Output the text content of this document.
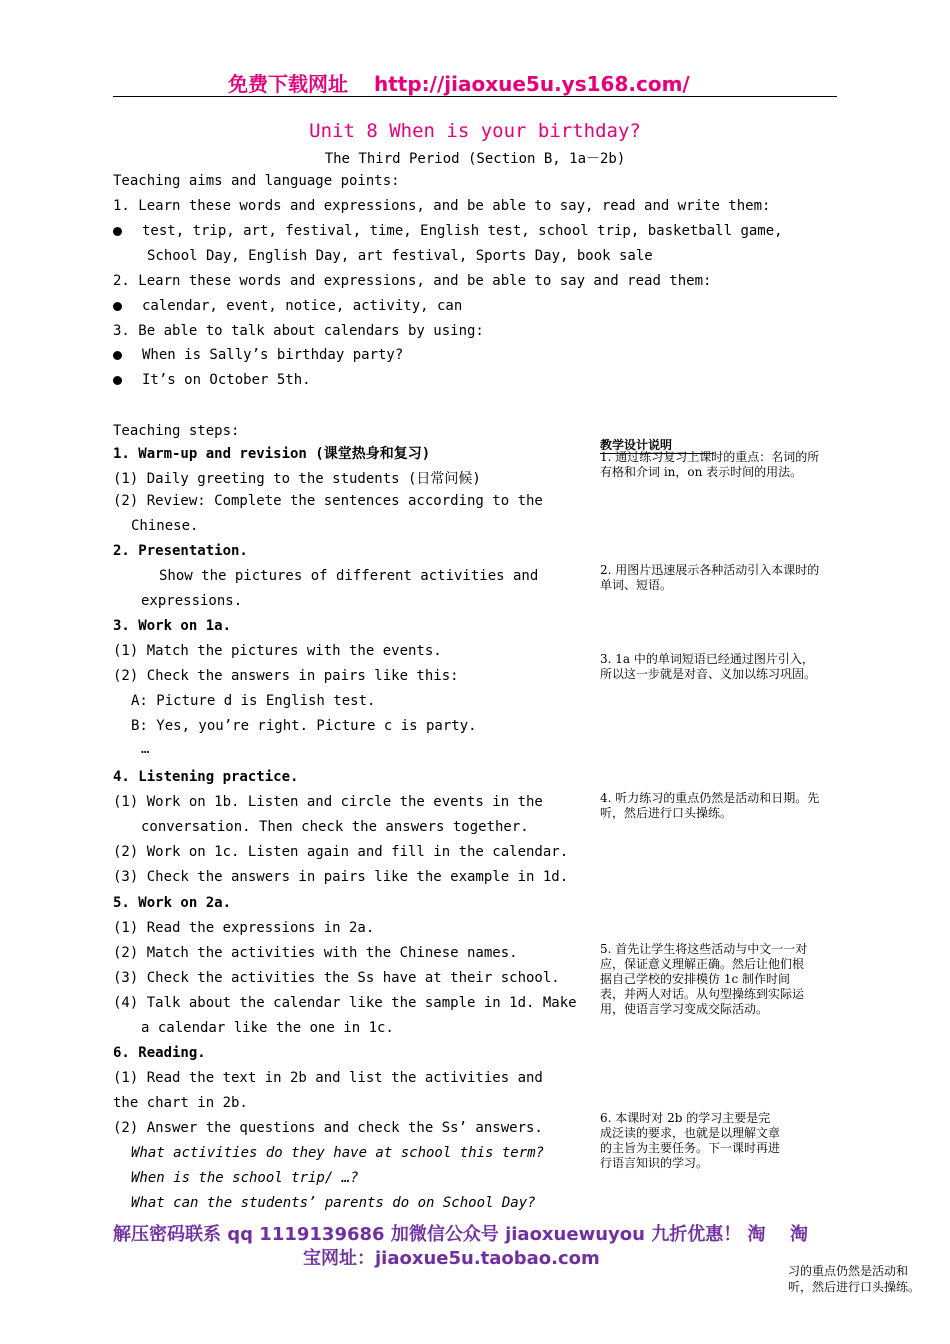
免费下载网址 http://jiaoxue5u.ys168.com/
Unit 8 When is your birthday?
The Third Period (Section B, 1a－2b)
Teaching aims and language points:
1. Learn these words and expressions, and be able to say, read and write them:
test, trip, art, festival, time, English test, school trip, basketball game,
School Day, English Day, art festival, Sports Day, book sale
2. Learn these words and expressions, and be able to say and read them:
calendar, event, notice, activity, can
3. Be able to talk about calendars by using:
When is Sally’s birthday party?
It’s on October 5th.
Teaching steps:
1. Warm-up and revision (课堂热身和复习)
(1) Daily greeting to the students (日常问候)
(2) Review: Complete the sentences according to the
Chinese.
2. Presentation.
Show the pictures of different activities and
expressions.
3. Work on 1a.
(1) Match the pictures with the events.
(2) Check the answers in pairs like this:
A: Picture d is English test.
B: Yes, you’re right. Picture c is party.
…
4. Listening practice.
(1) Work on 1b. Listen and circle the events in the
conversation. Then check the answers together.
(2) Work on 1c. Listen again and fill in the calendar.
(3) Check the answers in pairs like the example in 1d.
5. Work on 2a.
(1) Read the expressions in 2a.
(2) Match the activities with the Chinese names.
(3) Check the activities the Ss have at their school.
(4) Talk about the calendar like the sample in 1d. Make
a calendar like the one in 1c.
6. Reading.
(1) Read the text in 2b and list the activities and
the chart in 2b.
(2) Answer the questions and check the Ss’ answers.
What activities do they have at school this term?
When is the school trip/ …?
What can the students’ parents do on School Day?
教学设计说明
1. 通过练习复习上课时的重点：名词的所有格和介词 in，on 表示时间的用法。
2. 用图片迅速展示各种活动引入本课时的单词、短语。
3. 1a 中的单词短语已经通过图片引入，所以这一步就是对音、义加以练习巩固。
4. 听力练习的重点仍然是活动和日期。先听，然后进行口头操练。
5. 首先让学生将这些活动与中文一一对应，保证意义理解正确。然后让他们根据自己学校的安排模仿 1c 制作时间表，并两人对话。从句型操练到实际运用，使语言学习变成交际活动。
6. 本课时对 2b 的学习主要是完成泛读的要求，也就是以理解文章的主旨为主要任务。下一课时再进行语言知识的学习。
解压密码联系 qq 1119139686 加微信公众号 jiaoxuewuyou 九折优惠！ 淘 淘
宝网址：jiaoxue5u.taobao.com
习的重点仍然是活动和
听，然后进行口头操练。
